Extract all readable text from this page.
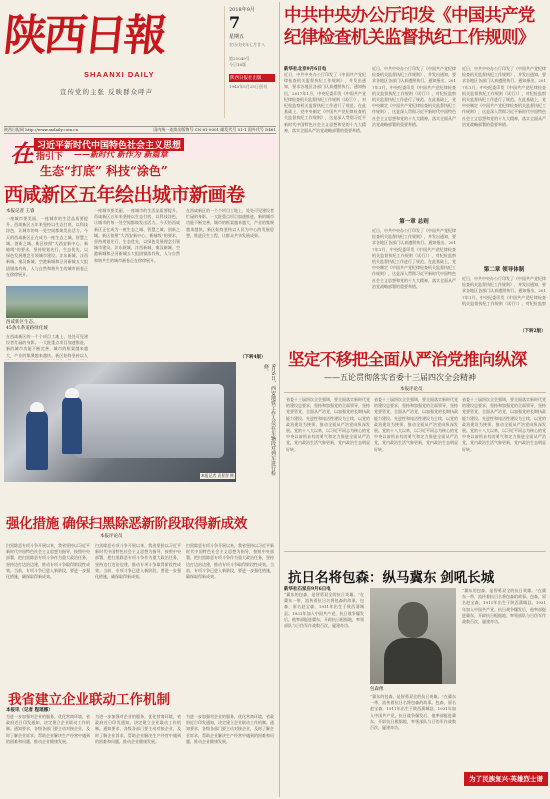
陕西日報
SHAANXI DAILY
宣传党的主张 反映群众呼声
2018年9月
7
星期五
农历戊戌年七月廿八
第25049号
今日16版
陕西日报社出版
1940年5月25日创刊
陕西日报网 http://www.sxdaily.com.cn	国内统一连续出版物号 CN 61-0001 邮发代号 51-1 国外代号 D461
在 习近平新时代中国特色社会主义思想
指引下 ——新时代 新作为 新篇章
生态“打底” 科技“涂色”
西咸新区五年绘出城市新画卷
本报记者 王睿
一座城市要美丽，一座城市的生活品质要提升。西咸新区五年来坚持以生态打底、以科技涂色，让城市的每一处空间都焕发出活力。今天的西咸新区正在成为一座生态之城、智慧之城、创新之城。新区按照“大西安新中心、新轴线”的要求，坚持规划先行，生态优先，以绿色发展理念引领城市建设。沣东新城、沣西新城、秦汉新城、空港新城和泾河新城五大组团错落有致，人与自然和谐共生的城市画卷正在徐徐展开。
西咸新区生态。
45条水系道路绿化城
在西咸新区的一个个项目工地上，处处可见建设者忙碌的身影。一大批重点项目加速推进，新的城市功能不断完善，城市的框架越来越大，产业的集聚越来越快。新区始终坚持以人
一座城市要美丽，一座城市的生活品质要提升。西咸新区五年来坚持以生态打底、以科技涂色，让城市的每一处空间都焕发出活力。今天的西咸新区正在成为一座生态之城、智慧之城、创新之城。新区按照“大西安新中心、新轴线”的要求，坚持规划先行，生态优先，以绿色发展理念引领城市建设。沣东新城、沣西新城、秦汉新城、空港新城和泾河新城五大组团错落有致，人与自然和谐共生的城市画卷正在徐徐展开。
在西咸新区的一个个项目工地上，处处可见建设者忙碌的身影。一大批重点项目加速推进，新的城市功能不断完善，城市的框架越来越大，产业的集聚越来越快。新区始终坚持以人民为中心的发展思想，推进民生工程，让群众共享发展成果。
（下转4版）
9月6日，西安地铁工作人员在车辆段对列车进行检修。
本报记者 袁景智 摄
强化措施 确保扫黑除恶新阶段取得新成效
本报评论员
扫黑除恶专项斗争开展以来，我省坚持以习近平新时代中国特色社会主义思想为指导，按照中央部署，把扫黑除恶专项斗争作为重大政治任务，坚持边打边治边建，推动专项斗争取得阶段性成效。当前，专项斗争已进入新阶段，要进一步强化措施，确保取得新成效。
扫黑除恶专项斗争开展以来，我省坚持以习近平新时代中国特色社会主义思想为指导，按照中央部署，把扫黑除恶专项斗争作为重大政治任务，坚持边打边治边建，推动专项斗争取得阶段性成效。当前，专项斗争已进入新阶段，要进一步强化措施，确保取得新成效。
扫黑除恶专项斗争开展以来，我省坚持以习近平新时代中国特色社会主义思想为指导，按照中央部署，把扫黑除恶专项斗争作为重大政治任务，坚持边打边治边建，推动专项斗争取得阶段性成效。当前，专项斗争已进入新阶段，要进一步强化措施，确保取得新成效。
我省建立企业联动工作机制
本报讯（记者 程瑶娜）
为进一步加强对企业的服务，优化营商环境，省政府近日印发通知，决定建立企业联动工作机制。通知要求，各级各部门要主动对接企业，及时了解企业诉求，帮助企业解决生产经营中遇到的困难和问题，推动企业健康发展。
为进一步加强对企业的服务，优化营商环境，省政府近日印发通知，决定建立企业联动工作机制。通知要求，各级各部门要主动对接企业，及时了解企业诉求，帮助企业解决生产经营中遇到的困难和问题，推动企业健康发展。
为进一步加强对企业的服务，优化营商环境，省政府近日印发通知，决定建立企业联动工作机制。通知要求，各级各部门要主动对接企业，及时了解企业诉求，帮助企业解决生产经营中遇到的困难和问题，推动企业健康发展。
中共中央办公厅印发《中国共产党纪律检查机关监督执纪工作规则》
新华社北京9月6日电
近日，中共中央办公厅印发了《中国共产党纪律检查机关监督执纪工作规则》，并发出通知，要求各地区各部门认真遵照执行。通知指出，2017年1月，中央纪委印发《中国共产党纪律检查机关监督执纪工作规则（试行）》，对纪检监察机关监督执纪工作进行了规范。在此基础上，党中央制定《中国共产党纪律检查机关监督执纪工作规则》，这是深入贯彻习近平新时代中国特色社会主义思想和党的十九大精神，落实全面从严治党战略部署的重要举措。
近日，中共中央办公厅印发了《中国共产党纪律检查机关监督执纪工作规则》，并发出通知，要求各地区各部门认真遵照执行。通知指出，2017年1月，中央纪委印发《中国共产党纪律检查机关监督执纪工作规则（试行）》，对纪检监察机关监督执纪工作进行了规范。在此基础上，党中央制定《中国共产党纪律检查机关监督执纪工作规则》，这是深入贯彻习近平新时代中国特色社会主义思想和党的十九大精神，落实全面从严治党战略部署的重要举措。
第一章 总则
近日，中共中央办公厅印发了《中国共产党纪律检查机关监督执纪工作规则》，并发出通知，要求各地区各部门认真遵照执行。通知指出，2017年1月，中央纪委印发《中国共产党纪律检查机关监督执纪工作规则（试行）》，对纪检监察机关监督执纪工作进行了规范。在此基础上，党中央制定《中国共产党纪律检查机关监督执纪工作规则》，这是深入贯彻习近平新时代中国特色社会主义思想和党的十九大精神，落实全面从严治党战略部署的重要举措。
近日，中共中央办公厅印发了《中国共产党纪律检查机关监督执纪工作规则》，并发出通知，要求各地区各部门认真遵照执行。通知指出，2017年1月，中央纪委印发《中国共产党纪律检查机关监督执纪工作规则（试行）》，对纪检监察机关监督执纪工作进行了规范。在此基础上，党中央制定《中国共产党纪律检查机关监督执纪工作规则》，这是深入贯彻习近平新时代中国特色社会主义思想和党的十九大精神，落实全面从严治党战略部署的重要举措。
第二章 领导体制
近日，中共中央办公厅印发了《中国共产党纪律检查机关监督执纪工作规则》，并发出通知，要求各地区各部门认真遵照执行。通知指出，2017年1月，中央纪委印发《中国共产党纪律检查机关监督执纪工作规则（试行）》，对纪检监察
（下转2版）
坚定不移把全面从严治党推向纵深
——五论贯彻落实省委十三届四次全会精神
本报评论员
省委十三届四次全会强调，要全面落实新时代党的建设总要求，坚持和加强党的全面领导，坚持党要管党、全面从严治党，以加强党的长期执政能力建设、先进性和纯洁性建设为主线，以党的政治建设为统领，推动全面从严治党向纵深发展。党的十八大以来，以习近平同志为核心的党中央以前所未有的勇气和定力推进全面从严治党，党内政治生活气象更新，党内政治生态明显好转。
省委十三届四次全会强调，要全面落实新时代党的建设总要求，坚持和加强党的全面领导，坚持党要管党、全面从严治党，以加强党的长期执政能力建设、先进性和纯洁性建设为主线，以党的政治建设为统领，推动全面从严治党向纵深发展。党的十八大以来，以习近平同志为核心的党中央以前所未有的勇气和定力推进全面从严治党，党内政治生活气象更新，党内政治生态明显好转。
省委十三届四次全会强调，要全面落实新时代党的建设总要求，坚持和加强党的全面领导，坚持党要管党、全面从严治党，以加强党的长期执政能力建设、先进性和纯洁性建设为主线，以党的政治建设为统领，推动全面从严治党向纵深发展。党的十八大以来，以习近平同志为核心的党中央以前所未有的勇气和定力推进全面从严治党，党内政治生活气象更新，党内政治生态明显好转。
抗日名将包森：纵马冀东 剑吼长城
新华社石家庄9月6日电
“冀东的包森，是智勇双全的抗日英雄。”在冀东一带，流传着抗日名将包森的故事。包森，原名赵宝森，1911年出生于陕西蒲城县。1931年加入中国共产党。抗日战争爆发后，他率部挺进冀东，开辟抗日根据地，率领部队与日伪军作战数百次，屡建奇功。
包森像
“冀东的包森，是智勇双全的抗日英雄。”在冀东一带，流传着抗日名将包森的故事。包森，原名赵宝森，1911年出生于陕西蒲城县。1931年加入中国共产党。抗日战争爆发后，他率部挺进冀东，开辟抗日根据地，率领部队与日伪军作战数百次，屡建奇功。
“冀东的包森，是智勇双全的抗日英雄。”在冀东一带，流传着抗日名将包森的故事。包森，原名赵宝森，1911年出生于陕西蒲城县。1931年加入中国共产党。抗日战争爆发后，他率部挺进冀东，开辟抗日根据地，率领部队与日伪军作战数百次，屡建奇功。
为了民族复兴·英雄烈士谱
